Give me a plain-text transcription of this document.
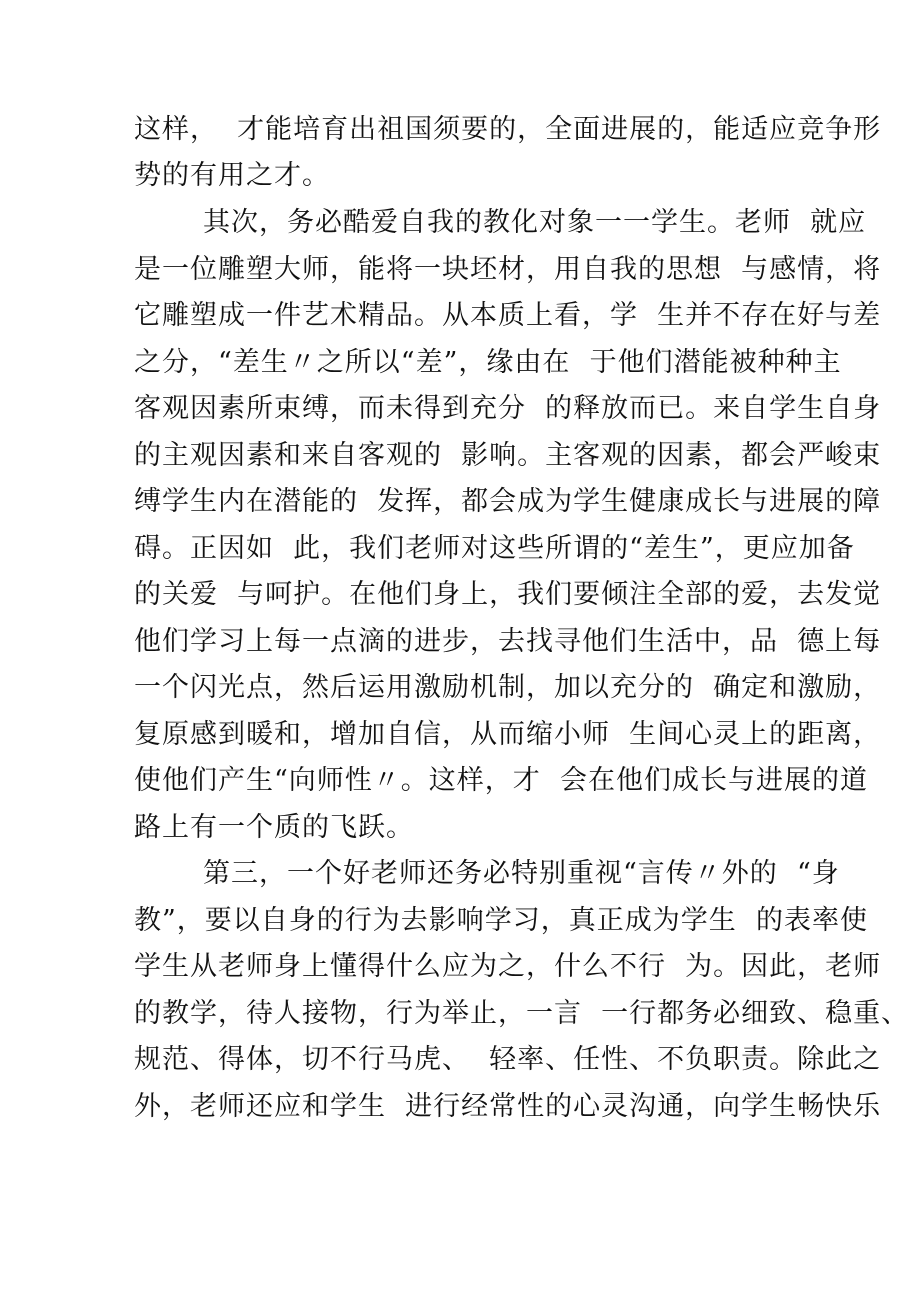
这样，  才能培育出祖国须要的，全面进展的，能适应竞争形
势的有用之才。
其次，务必酷爱自我的教化对象一一学生。老师  就应
是一位雕塑大师，能将一块坯材，用自我的思想  与感情，将
它雕塑成一件艺术精品。从本质上看，学  生并不存在好与差
之分，“差生〃之所以“差”，缘由在  于他们潜能被种种主
客观因素所束缚，而未得到充分  的释放而已。来自学生自身
的主观因素和来自客观的  影响。主客观的因素，都会严峻束
缚学生内在潜能的  发挥，都会成为学生健康成长与进展的障
碍。正因如  此，我们老师对这些所谓的“差生”，更应加备
的关爱  与呵护。在他们身上，我们要倾注全部的爱，去发觉
他们学习上每一点滴的进步，去找寻他们生活中，品  德上每
一个闪光点，然后运用激励机制，加以充分的  确定和激励，
复原感到暖和，增加自信，从而缩小师  生间心灵上的距离，
使他们产生“向师性〃。这样，才  会在他们成长与进展的道
路上有一个质的飞跃。
第三，一个好老师还务必特别重视“言传〃外的  “身
教”，要以自身的行为去影响学习，真正成为学生  的表率使
学生从老师身上懂得什么应为之，什么不行  为。因此，老师
的教学，待人接物，行为举止，一言  一行都务必细致、稳重、
规范、得体，切不行马虎、  轻率、任性、不负职责。除此之
外，老师还应和学生  进行经常性的心灵沟通，向学生畅快乐
